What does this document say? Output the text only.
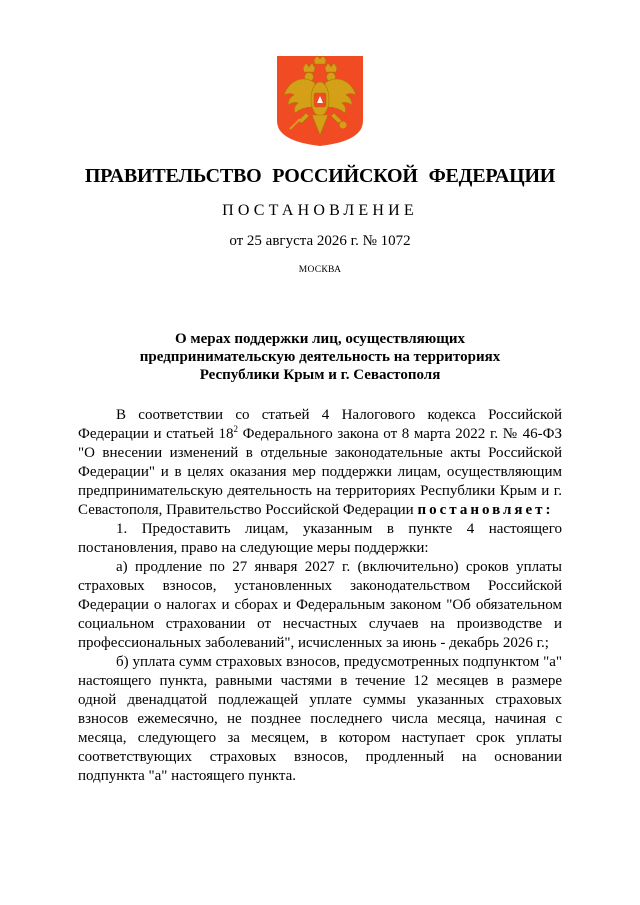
ПРАВИТЕЛЬСТВО РОССИЙСКОЙ ФЕДЕРАЦИИ
ПОСТАНОВЛЕНИЕ
от 25 августа 2026 г. № 1072
МОСКВА
О мерах поддержки лиц, осуществляющих
предпринимательскую деятельность на территориях
Республики Крым и г. Севастополя

В соответствии со статьей 4 Налогового кодекса Российской Федерации и статьей $18^2$ Федерального закона от 8 марта 2022 г. № 46-ФЗ "О внесении изменений в отдельные законодательные акты Российской Федерации" и в целях оказания мер поддержки лицам, осуществляющим предпринимательскую деятельность на территориях Республики Крым и г. Севастополя, Правительство Российской Федерации постановляет:

1. Предоставить лицам, указанным в пункте 4 настоящего постановления, право на следующие меры поддержки:

а) продление по 27 января 2027 г. (включительно) сроков уплаты страховых взносов, установленных законодательством Российской Федерации о налогах и сборах и Федеральным законом "Об обязательном социальном страховании от несчастных случаев на производстве и профессиональных заболеваний", исчисленных за июнь - декабрь 2026 г.;

б) уплата сумм страховых взносов, предусмотренных подпунктом "а" настоящего пункта, равными частями в течение 12 месяцев в размере одной двенадцатой подлежащей уплате суммы указанных страховых взносов ежемесячно, не позднее последнего числа месяца, начиная с месяца, следующего за месяцем, в котором наступает срок уплаты соответствующих страховых взносов, продленный на основании подпункта "а" настоящего пункта.
